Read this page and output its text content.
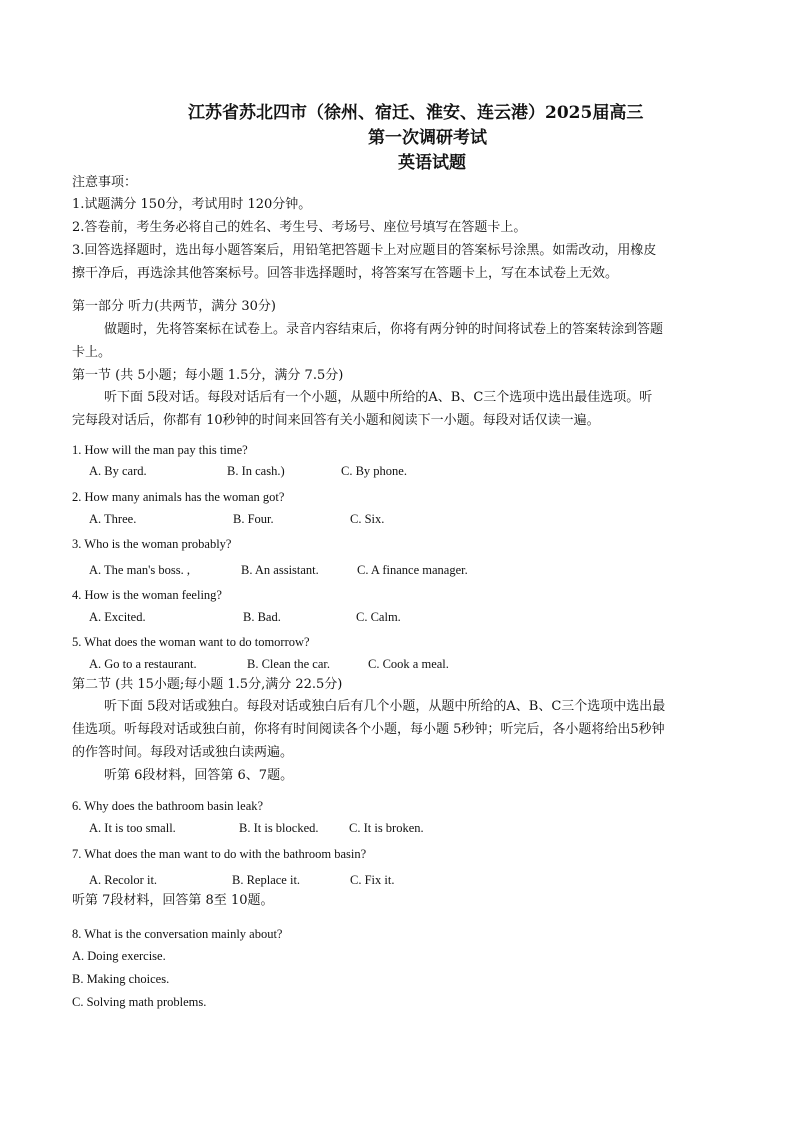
江苏省苏北四市（徐州、宿迁、淮安、连云港）2025届高三
第一次调研考试
英语试题
注意事项：
1.试题满分 150分，考试用时 120分钟。
2.答卷前，考生务必将自己的姓名、考生号、考场号、座位号填写在答题卡上。
3.回答选择题时，选出每小题答案后，用铅笔把答题卡上对应题目的答案标号涂黑。如需改动，用橡皮
擦干净后，再选涂其他答案标号。回答非选择题时，将答案写在答题卡上，写在本试卷上无效。
第一部分 听力(共两节，满分 30分)
做题时，先将答案标在试卷上。录音内容结束后，你将有两分钟的时间将试卷上的答案转涂到答题
卡上。
第一节 (共 5小题；每小题 1.5分，满分 7.5分)
听下面 5段对话。每段对话后有一个小题，从题中所给的A、B、C三个选项中选出最佳选项。听
完每段对话后，你都有 10秒钟的时间来回答有关小题和阅读下一小题。每段对话仅读一遍。
1. How will the man pay this time?
A. By card.	B. In cash.)	C. By phone.
2. How many animals has the woman got?
A. Three.	B. Four.	C. Six.
3. Who is the woman probably?
A. The man's boss. ,	B. An assistant.	C. A finance manager.
4. How is the woman feeling?
A. Excited.	B. Bad.	C. Calm.
5. What does the woman want to do tomorrow?
A. Go to a restaurant.	B. Clean the car.	C. Cook a meal.
第二节 (共 15小题;每小题 1.5分,满分 22.5分)
听下面 5段对话或独白。每段对话或独白后有几个小题，从题中所给的A、B、C三个选项中选出最
佳选项。听每段对话或独白前，你将有时间阅读各个小题，每小题 5秒钟；听完后，各小题将给出5秒钟
的作答时间。每段对话或独白读两遍。
听第 6段材料，回答第 6、7题。
6. Why does the bathroom basin leak?
A. It is too small.	B. It is blocked. C. It is broken.
7. What does the man want to do with the bathroom basin?
A. Recolor it.	B. Replace it.	C. Fix it.
听第 7段材料，回答第 8至 10题。
8. What is the conversation mainly about?
A. Doing exercise.
B. Making choices.
C. Solving math problems.
